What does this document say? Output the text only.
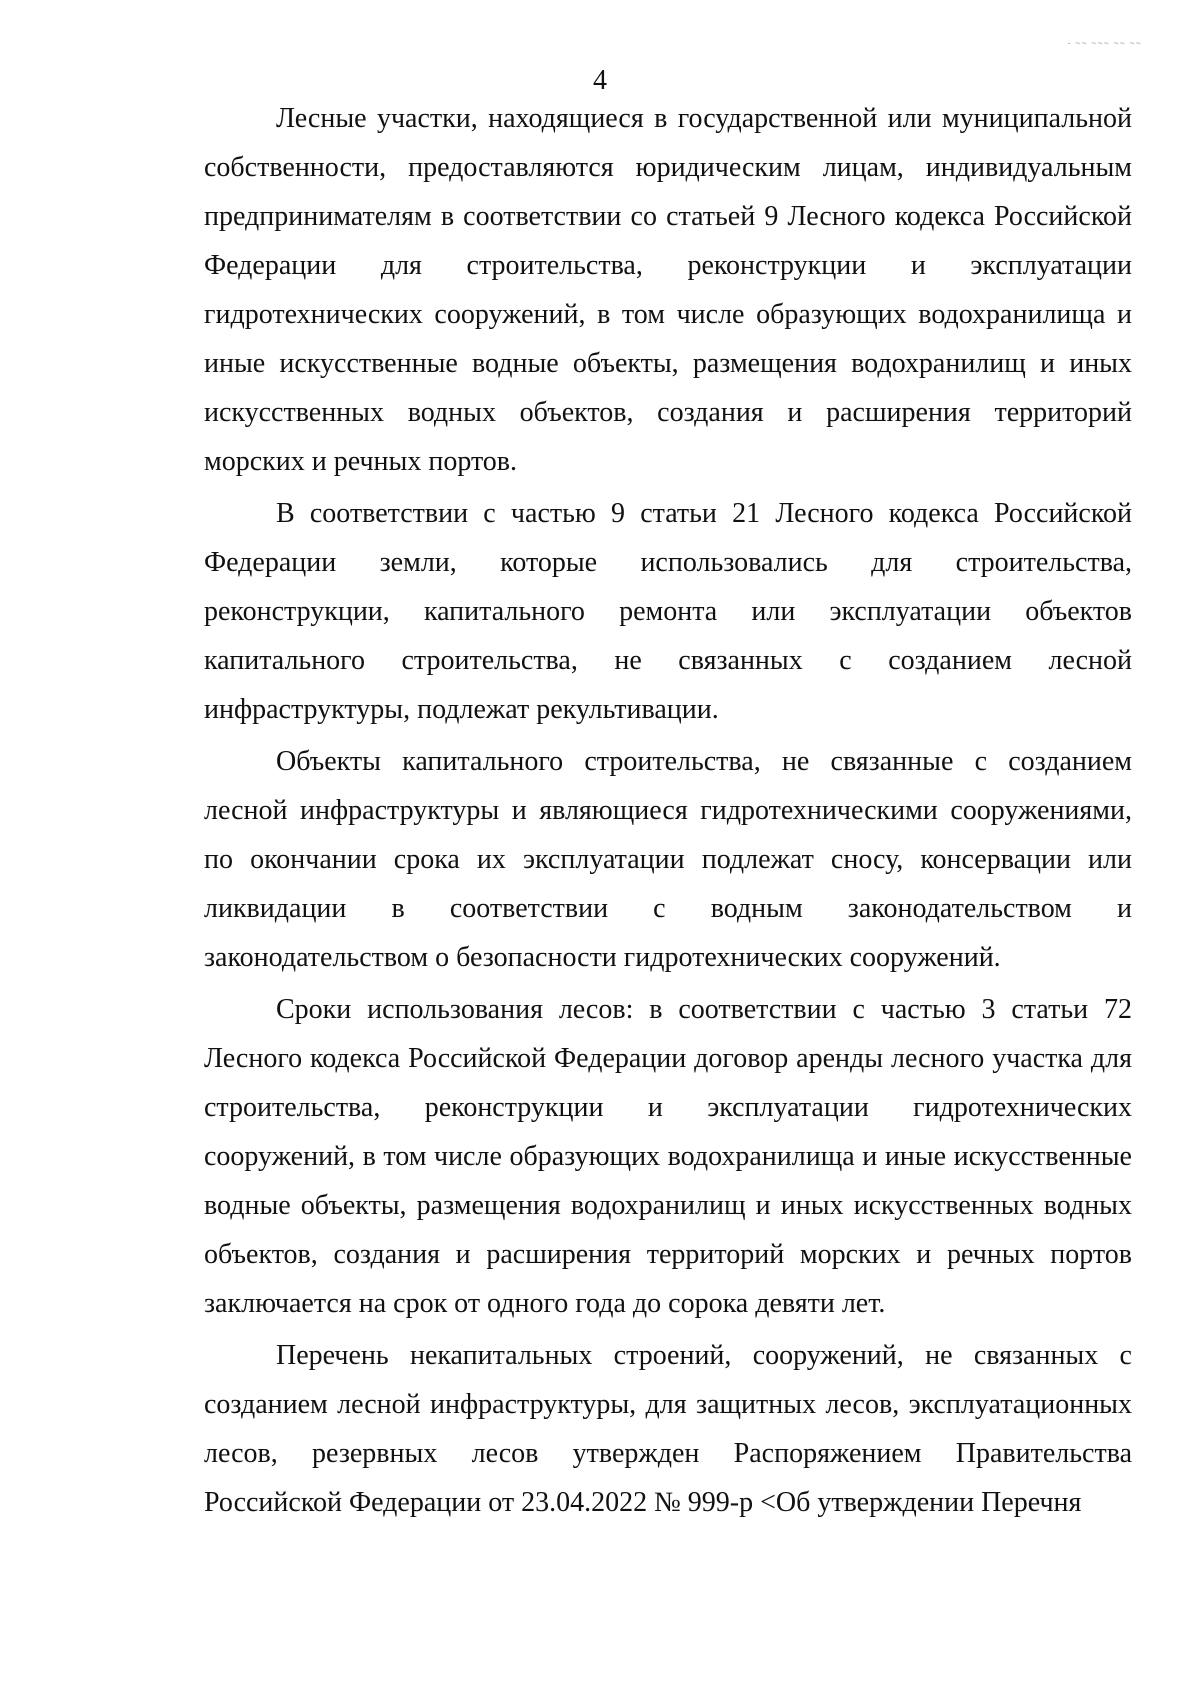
- ~~ ~~~ ~~ ~~
4

Лесные участки, находящиеся в государственной или муниципальной собственности, предоставляются юридическим лицам, индивидуальным предпринимателям в соответствии со статьей 9 Лесного кодекса Российской Федерации для строительства, реконструкции и эксплуатации гидротехнических сооружений, в том числе образующих водохранилища и иные искусственные водные объекты, размещения водохранилищ и иных искусственных водных объектов, создания и расширения территорий морских и речных портов.

В соответствии с частью 9 статьи 21 Лесного кодекса Российской Федерации земли, которые использовались для строительства, реконструкции, капитального ремонта или эксплуатации объектов капитального строительства, не связанных с созданием лесной инфраструктуры, подлежат рекультивации.

Объекты капитального строительства, не связанные с созданием лесной инфраструктуры и являющиеся гидротехническими сооружениями, по окончании срока их эксплуатации подлежат сносу, консервации или ликвидации в соответствии с водным законодательством и законодательством о безопасности гидротехнических сооружений.

Сроки использования лесов: в соответствии с частью 3 статьи 72 Лесного кодекса Российской Федерации договор аренды лесного участка для строительства, реконструкции и эксплуатации гидротехнических сооружений, в том числе образующих водохранилища и иные искусственные водные объекты, размещения водохранилищ и иных искусственных водных объектов, создания и расширения территорий морских и речных портов заключается на срок от одного года до сорока девяти лет.

Перечень некапитальных строений, сооружений, не связанных с созданием лесной инфраструктуры, для защитных лесов, эксплуатационных лесов, резервных лесов утвержден Распоряжением Правительства Российской Федерации от 23.04.2022 № 999-р <Об утверждении Перечня
